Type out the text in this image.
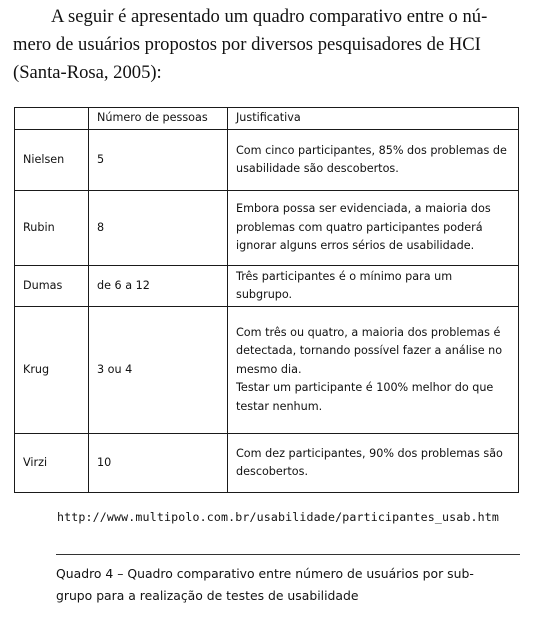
A seguir é apresentado um quadro comparativo entre o nú-
mero de usuários propostos por diversos pesquisadores de HCI
(Santa-Rosa, 2005):
	Número de pessoas	Justificativa
Nielsen	5	Com cinco participantes, 85% dos problemas de
usabilidade são descobertos.

Rubin	8	Embora possa ser evidenciada, a maioria dos
problemas com quatro participantes poderá
ignorar alguns erros sérios de usabilidade.

Dumas	de 6 a 12	Três participantes é o mínimo para um subgrupo.

Krug	3 ou 4	Com três ou quatro, a maioria dos problemas é
detectada, tornando possível fazer a análise no
mesmo dia.
Testar um participante é 100% melhor do que
testar nenhum.

Virzi	10	Com dez participantes, 90% dos problemas são
descobertos.
http://www.multipolo.com.br/usabilidade/participantes_usab.htm
Quadro 4 – Quadro comparativo entre número de usuários por sub-
grupo para a realização de testes de usabilidade
